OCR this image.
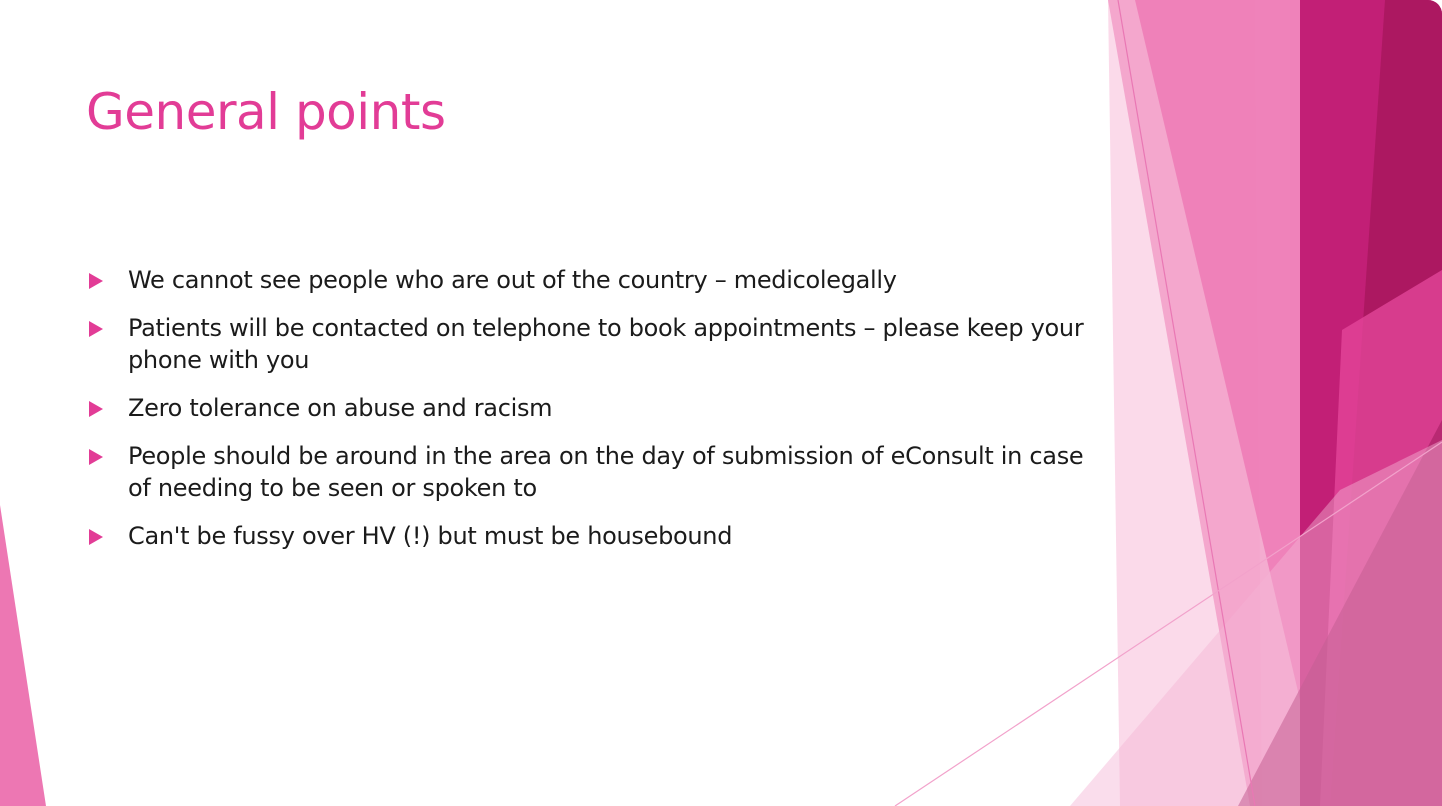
General points
We cannot see people who are out of the country – medicolegally
Patients will be contacted on telephone to book appointments – please keep your phone with you
Zero tolerance on abuse and racism
People should be around in the area on the day of submission of eConsult in case of needing to be seen or spoken to
Can't be fussy over HV (!) but must be housebound
